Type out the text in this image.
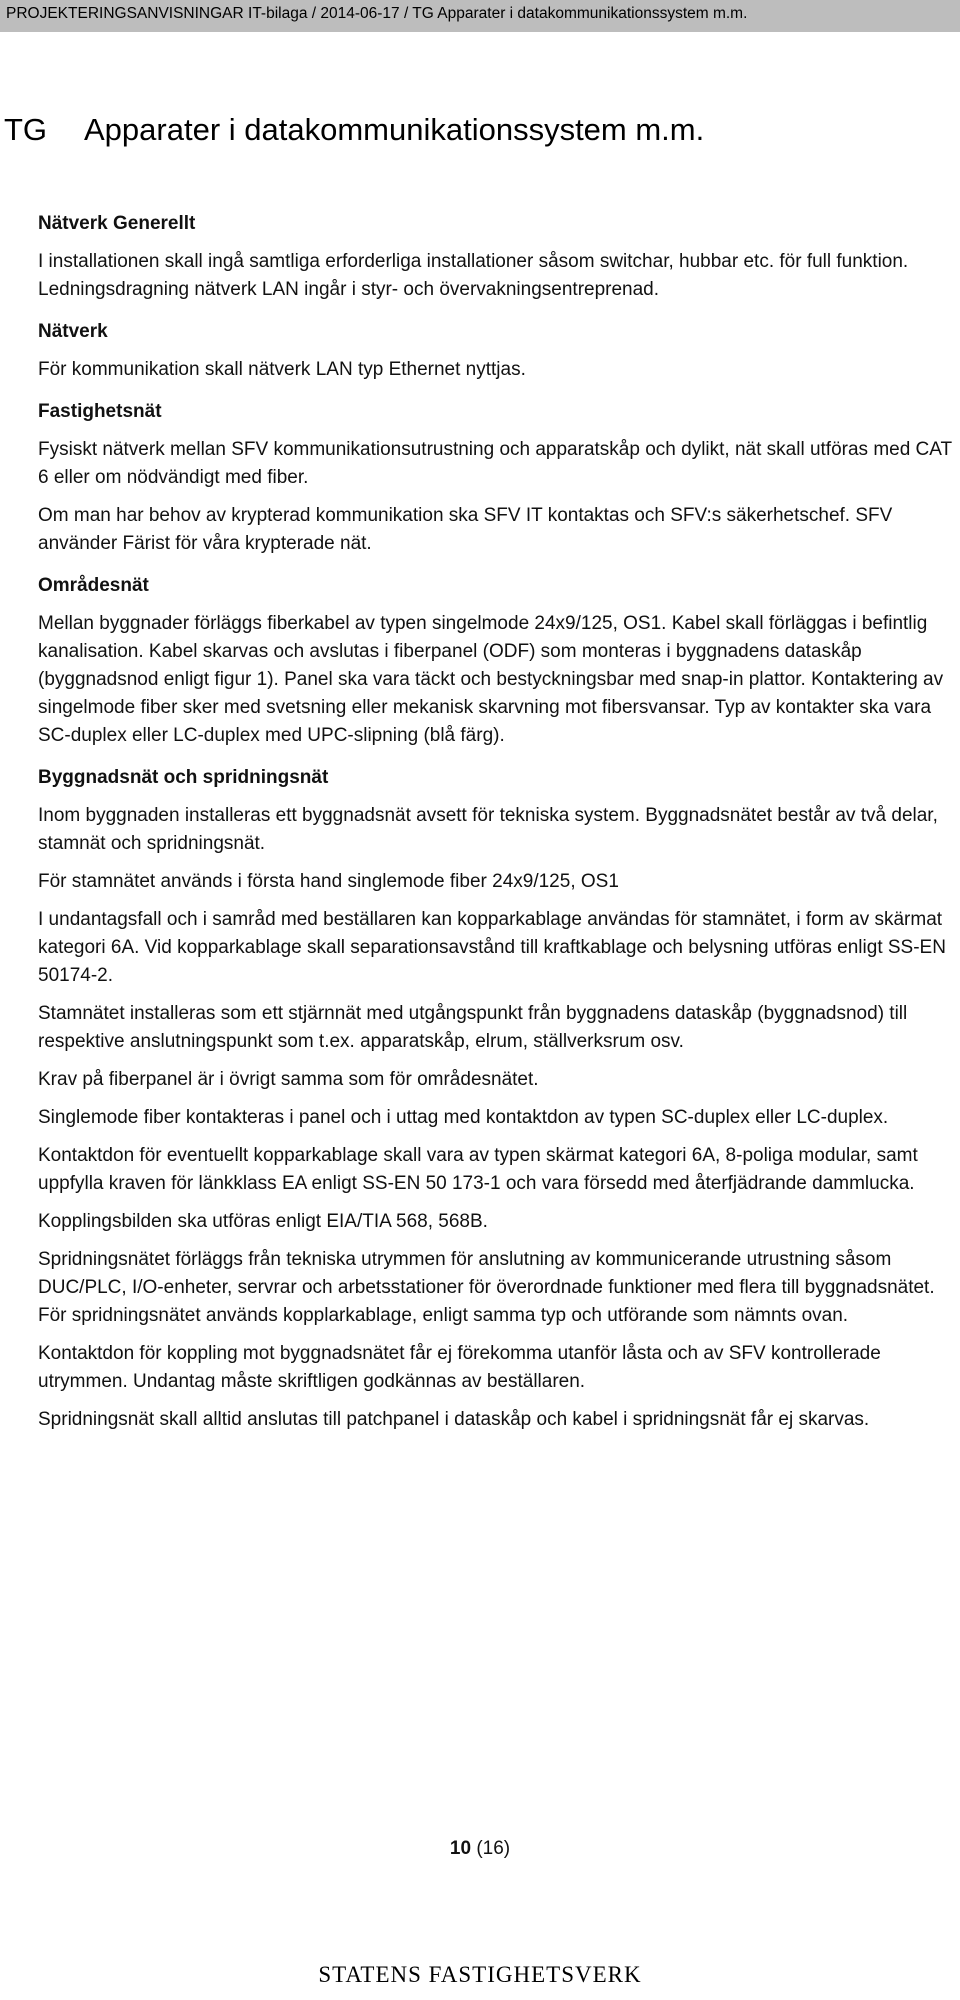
PROJEKTERINGSANVISNINGAR IT-bilaga / 2014-06-17 / TG Apparater i datakommunikationssystem m.m.
TG Apparater i datakommunikationssystem m.m.
Nätverk Generellt

I installationen skall ingå samtliga erforderliga installationer såsom switchar, hubbar etc. för full funktion. Ledningsdragning nätverk LAN ingår i styr- och övervakningsentreprenad.

Nätverk

För kommunikation skall nätverk LAN typ Ethernet nyttjas.

Fastighetsnät

Fysiskt nätverk mellan SFV kommunikationsutrustning och apparatskåp och dylikt, nät skall utföras med CAT 6 eller om nödvändigt med fiber.

Om man har behov av krypterad kommunikation ska SFV IT kontaktas och SFV:s säkerhetschef. SFV använder Färist för våra krypterade nät.

Områdesnät

Mellan byggnader förläggs fiberkabel av typen singelmode 24x9/125, OS1. Kabel skall förläggas i befintlig kanalisation. Kabel skarvas och avslutas i fiberpanel (ODF) som monteras i byggnadens dataskåp (byggnadsnod enligt figur 1). Panel ska vara täckt och bestyckningsbar med snap-in plattor. Kontaktering av singelmode fiber sker med svetsning eller mekanisk skarvning mot fibersvansar. Typ av kontakter ska vara SC-duplex eller LC-duplex med UPC-slipning (blå färg).

Byggnadsnät och spridningsnät

Inom byggnaden installeras ett byggnadsnät avsett för tekniska system. Byggnadsnätet består av två delar, stamnät och spridningsnät.

För stamnätet används i första hand singlemode fiber 24x9/125, OS1

I undantagsfall och i samråd med beställaren kan kopparkablage användas för stamnätet, i form av skärmat kategori 6A. Vid kopparkablage skall separationsavstånd till kraftkablage och belysning utföras enligt SS-EN 50174-2.

Stamnätet installeras som ett stjärnnät med utgångspunkt från byggnadens dataskåp (byggnadsnod) till respektive anslutningspunkt som t.ex. apparatskåp, elrum, ställverksrum osv.

Krav på fiberpanel är i övrigt samma som för områdesnätet.

Singlemode fiber kontakteras i panel och i uttag med kontaktdon av typen SC-duplex eller LC-duplex.

Kontaktdon för eventuellt kopparkablage skall vara av typen skärmat kategori 6A, 8-poliga modular, samt uppfylla kraven för länkklass EA enligt SS-EN 50 173-1 och vara försedd med återfjädrande dammlucka.

Kopplingsbilden ska utföras enligt EIA/TIA 568, 568B.

Spridningsnätet förläggs från tekniska utrymmen för anslutning av kommunicerande utrustning såsom DUC/PLC, I/O-enheter, servrar och arbetsstationer för överordnade funktioner med flera till byggnadsnätet. För spridningsnätet används kopplarkablage, enligt samma typ och utförande som nämnts ovan.

Kontaktdon för koppling mot byggnadsnätet får ej förekomma utanför låsta och av SFV kontrollerade utrymmen. Undantag måste skriftligen godkännas av beställaren.

Spridningsnät skall alltid anslutas till patchpanel i dataskåp och kabel i spridningsnät får ej skarvas.

10 (16)
STATENS FASTIGHETSVERK
